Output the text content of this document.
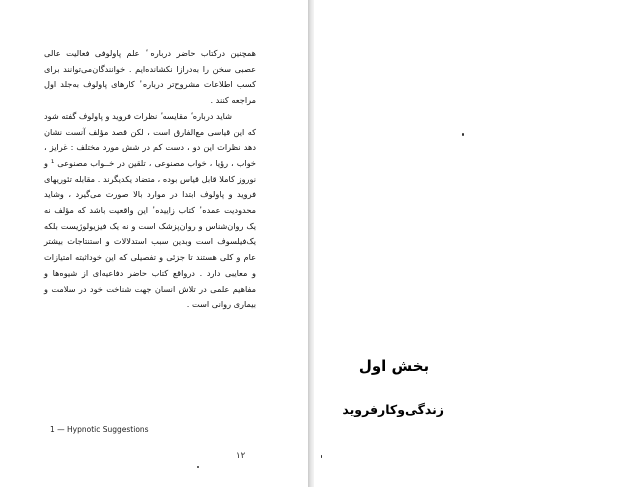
همچنین درکتاب حاضر درباره ٔ علم پاولوفی فعالیت عالی عصبی سخن را به‌درازا نکشانده‌ایم . خوانندگان‌می‌توانند برای کسب اطلاعات مشروح‌تر درباره ٔ کارهای پاولوف به‌جلد اول مراجعه کنند .

شاید درباره ٔ مقایسه ٔ نظرات فروید و پاولوف گفته شود که این قیاسی مع‌الفارق است ، لکن قصد مؤلف آنست نشان دهد نظرات این دو ، دست کم در شش مورد مختلف : غرایز ، خواب ، رؤیا ، خواب مصنوعی ، تلقین در خــواب مصنوعی ¹ و نوروز کاملا قابل قیاس بوده ، متضاد یکدیگرند . مقابله تئوریهای فروید و پاولوف ابتدا در موارد بالا صورت می‌گیرد ، وشاید محدودیت عمده ٔ کتاب زاییده ٔ این واقعیت باشد که مؤلف نه یک روان‌شناس و روان‌پزشک است و نه یک فیزیولوژیست بلکه یک‌فیلسوف است وبدین سبب استدلالات و استنتاجات بیشتر عام و کلی هستند تا جزئی و تفصیلی که این خوداثبته امتیازات و معایبی دارد . درواقع کتاب حاضر دفاعیه‌ای از شیوه‌ها و مفاهیم علمی در تلاش انسان جهت شناخت خود در سلامت و بیماری روانی است .

1 — Hypnotic Suggestions
۱۲
بخش اول
زندگی‌وکارفروید
